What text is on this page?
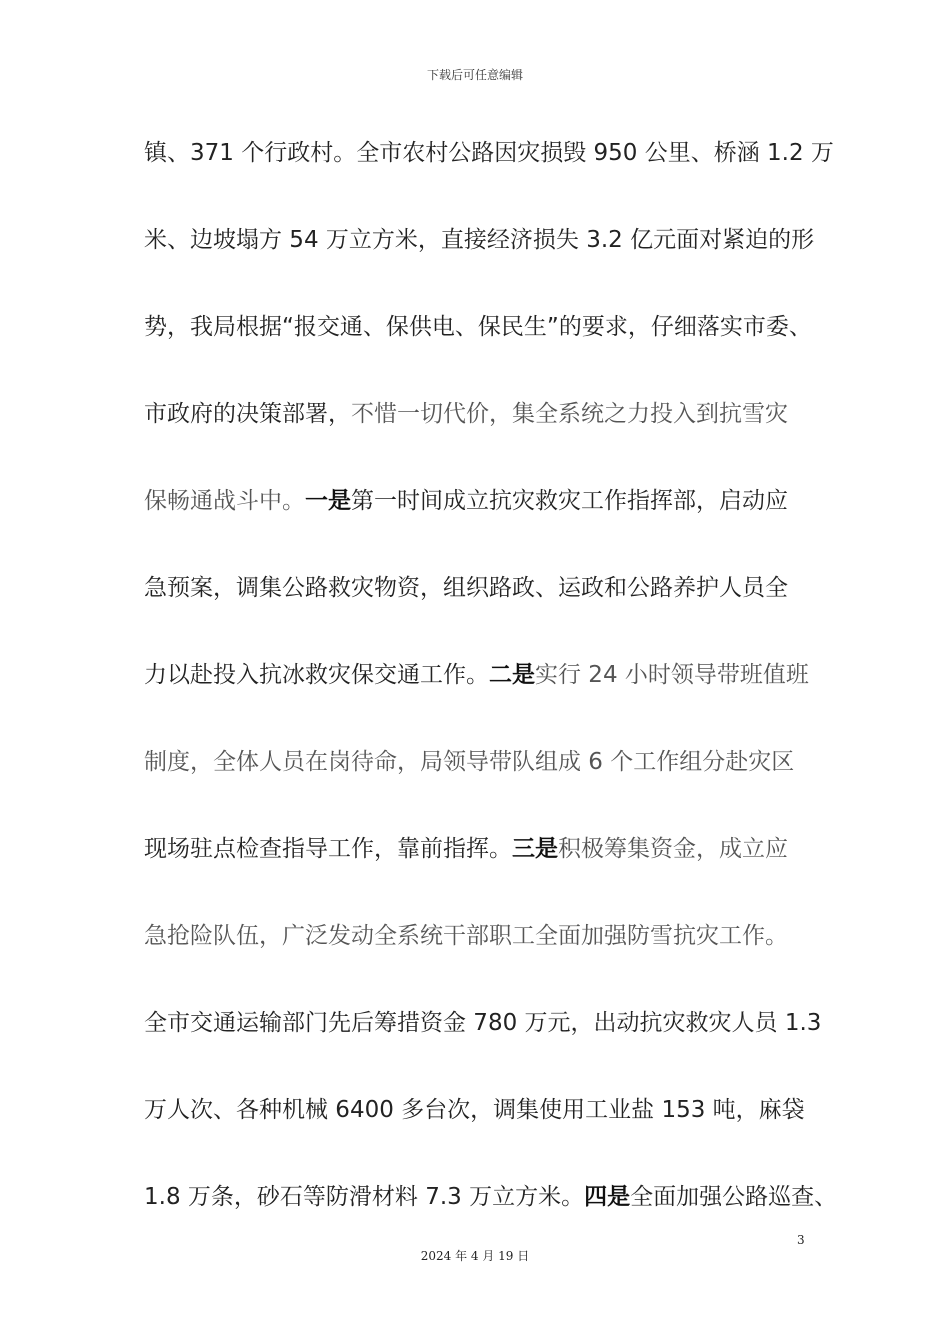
下载后可任意编辑
镇、371 个行政村。全市农村公路因灾损毁 950 公里、桥涵 1.2 万
米、边坡塌方 54 万立方米，直接经济损失 3.2 亿元面对紧迫的形
势，我局根据“报交通、保供电、保民生”的要求，仔细落实市委、
市政府的决策部署，不惜一切代价，集全系统之力投入到抗雪灾
保畅通战斗中。一是第一时间成立抗灾救灾工作指挥部，启动应
急预案，调集公路救灾物资，组织路政、运政和公路养护人员全
力以赴投入抗冰救灾保交通工作。二是实行 24 小时领导带班值班
制度，全体人员在岗待命，局领导带队组成 6 个工作组分赴灾区
现场驻点检查指导工作，靠前指挥。三是积极筹集资金，成立应
急抢险队伍，广泛发动全系统干部职工全面加强防雪抗灾工作。
全市交通运输部门先后筹措资金 780 万元，出动抗灾救灾人员 1.3
万人次、各种机械 6400 多台次，调集使用工业盐 153 吨，麻袋
1.8 万条，砂石等防滑材料 7.3 万立方米。四是全面加强公路巡查、
3
2024 年 4 月 19 日
